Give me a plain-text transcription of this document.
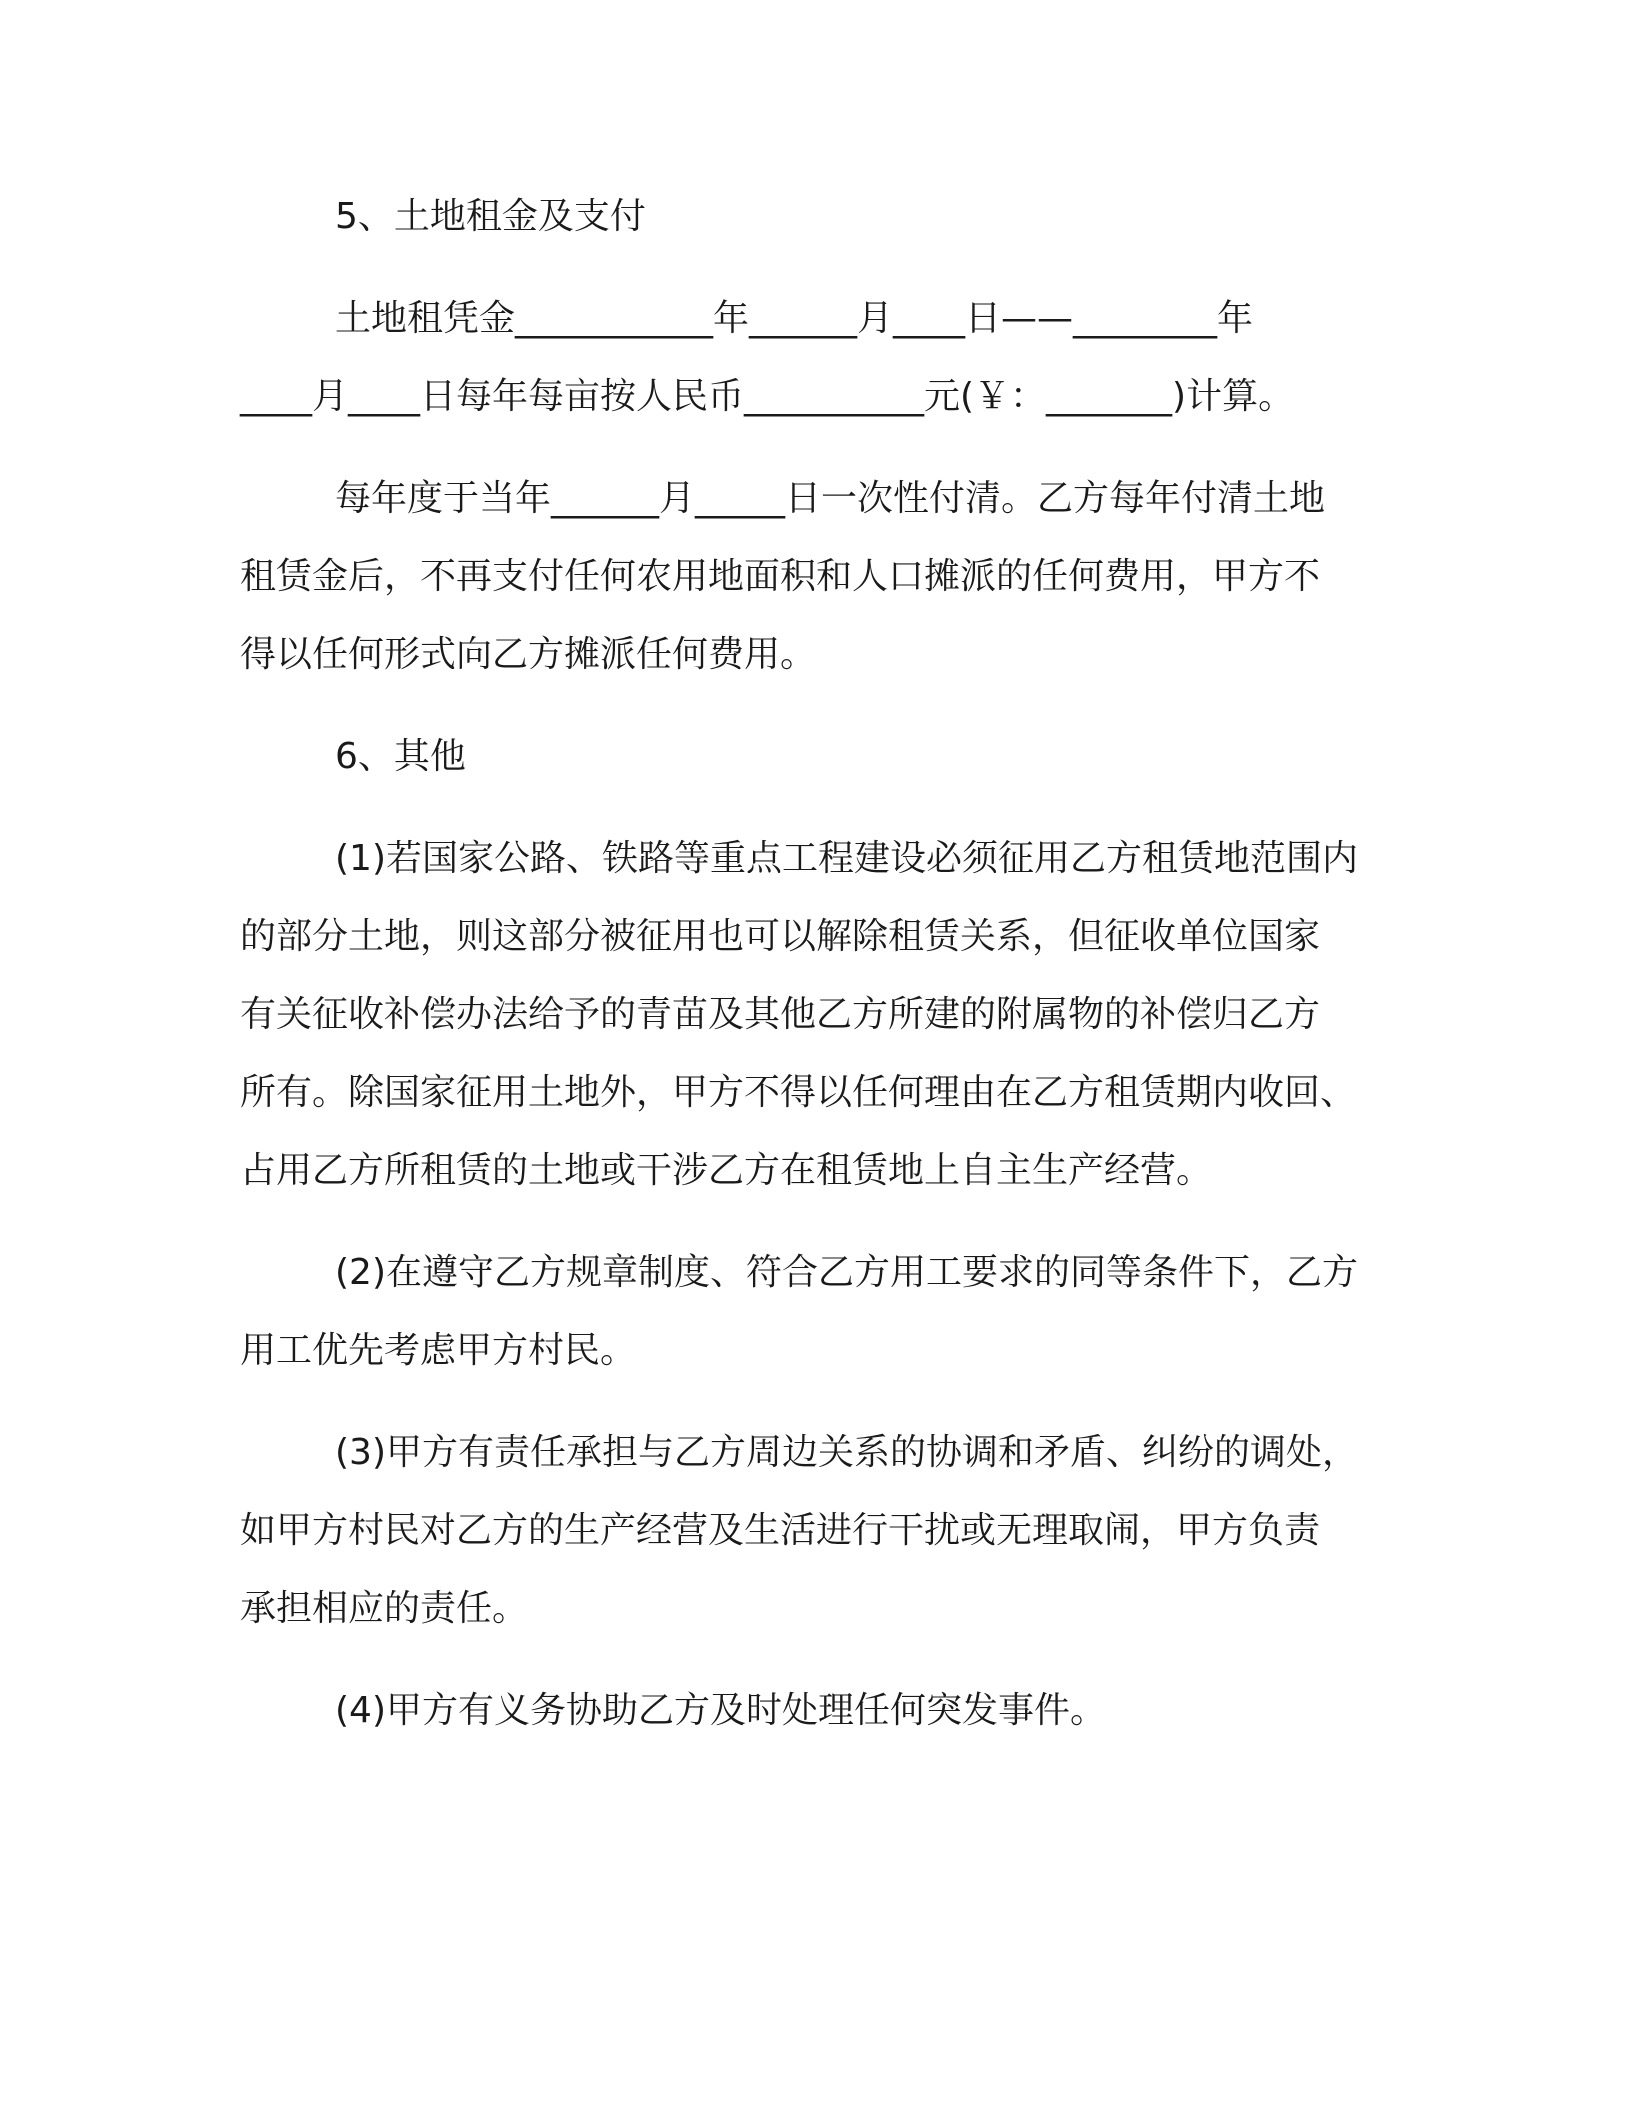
5、土地租金及支付

土地租凭金___________年______月____日——________年

____月____日每年每亩按人民币__________元(￥：_______)计算。

每年度于当年______月_____日一次性付清。乙方每年付清土地

租赁金后，不再支付任何农用地面积和人口摊派的任何费用，甲方不

得以任何形式向乙方摊派任何费用。

6、其他

(1)若国家公路、铁路等重点工程建设必须征用乙方租赁地范围内

的部分土地，则这部分被征用也可以解除租赁关系，但征收单位国家

有关征收补偿办法给予的青苗及其他乙方所建的附属物的补偿归乙方

所有。除国家征用土地外，甲方不得以任何理由在乙方租赁期内收回、

占用乙方所租赁的土地或干涉乙方在租赁地上自主生产经营。

(2)在遵守乙方规章制度、符合乙方用工要求的同等条件下，乙方

用工优先考虑甲方村民。

(3)甲方有责任承担与乙方周边关系的协调和矛盾、纠纷的调处，

如甲方村民对乙方的生产经营及生活进行干扰或无理取闹，甲方负责

承担相应的责任。

(4)甲方有义务协助乙方及时处理任何突发事件。
